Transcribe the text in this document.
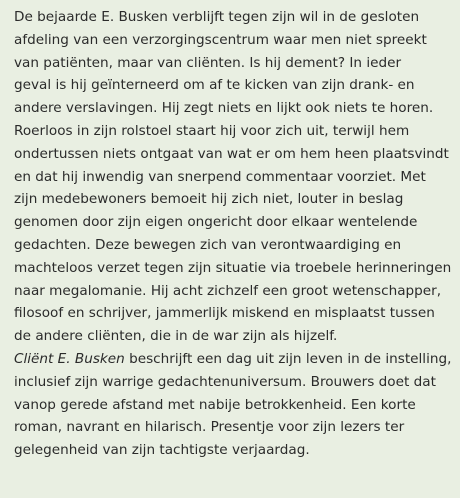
De bejaarde E. Busken verblijft tegen zijn wil in de gesloten
afdeling van een verzorgingscentrum waar men niet spreekt
van patiënten, maar van cliënten. Is hij dement? In ieder
geval is hij geïnterneerd om af te kicken van zijn drank- en
andere verslavingen. Hij zegt niets en lijkt ook niets te horen.
Roerloos in zijn rolstoel staart hij voor zich uit, terwijl hem
ondertussen niets ontgaat van wat er om hem heen plaatsvindt
en dat hij inwendig van snerpend commentaar voorziet. Met
zijn medebewoners bemoeit hij zich niet, louter in beslag
genomen door zijn eigen ongericht door elkaar wentelende
gedachten. Deze bewegen zich van verontwaardiging en
machteloos verzet tegen zijn situatie via troebele herinneringen
naar megalomanie. Hij acht zichzelf een groot wetenschapper,
filosoof en schrijver, jammerlijk miskend en misplaatst tussen
de andere cliënten, die in de war zijn als hijzelf.

Cliënt E. Busken beschrijft een dag uit zijn leven in de instelling,
inclusief zijn warrige gedachtenuniversum. Brouwers doet dat
vanop gerede afstand met nabije betrokkenheid. Een korte
roman, navrant en hilarisch. Presentje voor zijn lezers ter
gelegenheid van zijn tachtigste verjaardag.
